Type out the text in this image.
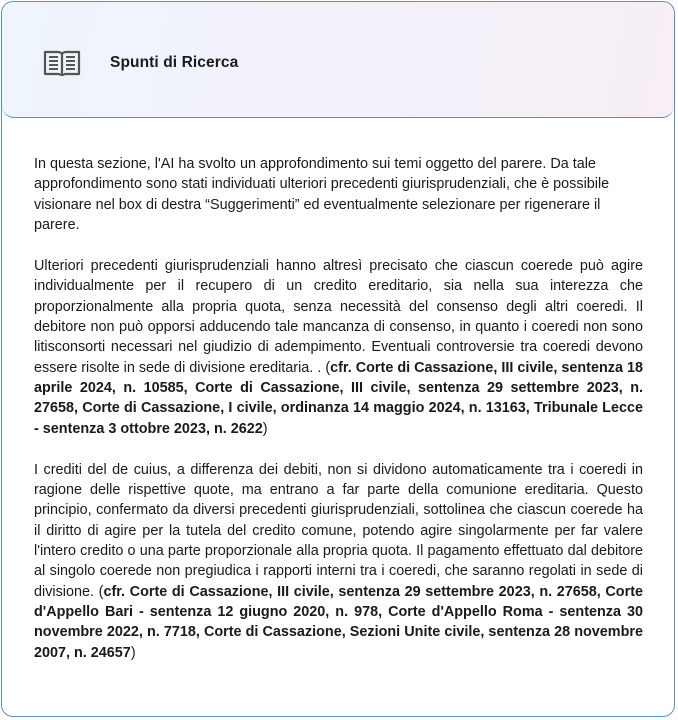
Spunti di Ricerca

In questa sezione, l'AI ha svolto un approfondimento sui temi oggetto del parere. Da tale approfondimento sono stati individuati ulteriori precedenti giurisprudenziali, che è possibile visionare nel box di destra “Suggerimenti” ed eventualmente selezionare per rigenerare il parere.

Ulteriori precedenti giurisprudenziali hanno altresì precisato che ciascun coerede può agire individualmente per il recupero di un credito ereditario, sia nella sua interezza che proporzionalmente alla propria quota, senza necessità del consenso degli altri coeredi. Il debitore non può opporsi adducendo tale mancanza di consenso, in quanto i coeredi non sono litisconsorti necessari nel giudizio di adempimento. Eventuali controversie tra coeredi devono essere risolte in sede di divisione ereditaria. . (cfr. Corte di Cassazione, III civile, sentenza 18 aprile 2024, n. 10585, Corte di Cassazione, III civile, sentenza 29 settembre 2023, n. 27658, Corte di Cassazione, I civile, ordinanza 14 maggio 2024, n. 13163, Tribunale Lecce - sentenza 3 ottobre 2023, n. 2622)

I crediti del de cuius, a differenza dei debiti, non si dividono automaticamente tra i coeredi in ragione delle rispettive quote, ma entrano a far parte della comunione ereditaria. Questo principio, confermato da diversi precedenti giurisprudenziali, sottolinea che ciascun coerede ha il diritto di agire per la tutela del credito comune, potendo agire singolarmente per far valere l'intero credito o una parte proporzionale alla propria quota. Il pagamento effettuato dal debitore al singolo coerede non pregiudica i rapporti interni tra i coeredi, che saranno regolati in sede di divisione. (cfr. Corte di Cassazione, III civile, sentenza 29 settembre 2023, n. 27658, Corte d'Appello Bari - sentenza 12 giugno 2020, n. 978, Corte d'Appello Roma - sentenza 30 novembre 2022, n. 7718, Corte di Cassazione, Sezioni Unite civile, sentenza 28 novembre 2007, n. 24657)
